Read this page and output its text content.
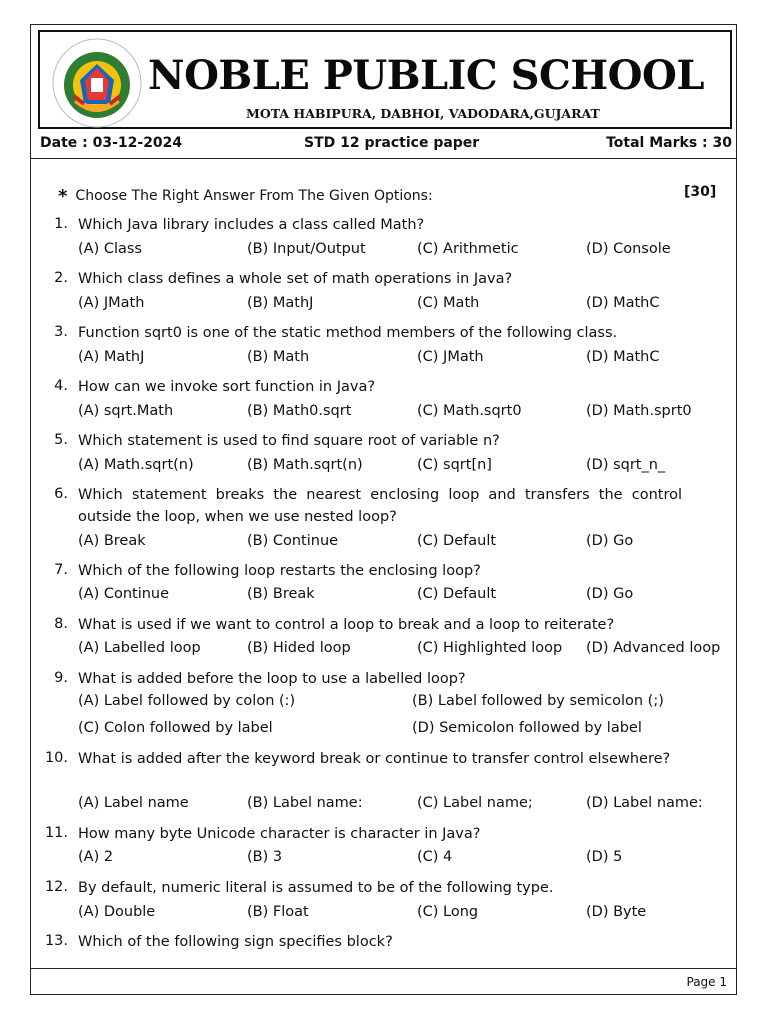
NOBLE PUBLIC SCHOOL
MOTA HABIPURA, DABHOI, VADODARA,GUJARAT
Date : 03-12-2024	STD 12 practice paper	Total Marks : 30
* Choose The Right Answer From The Given Options:	[30]
1. Which Java library includes a class called Math?
(A) Class	(B) Input/Output	(C) Arithmetic	(D) Console
2. Which class defines a whole set of math operations in Java?
(A) JMath	(B) MathJ	(C) Math	(D) MathC
3. Function sqrt0 is one of the static method members of the following class.
(A) MathJ	(B) Math	(C) JMath	(D) MathC
4. How can we invoke sort function in Java?
(A) sqrt.Math	(B) Math0.sqrt	(C) Math.sqrt0	(D) Math.sprt0
5. Which statement is used to find square root of variable n?
(A) Math.sqrt(n)	(B) Math.sqrt(n)	(C) sqrt[n]	(D) sqrt_n_
6. Which statement breaks the nearest enclosing loop and transfers the control outside the loop, when we use nested loop?
(A) Break	(B) Continue	(C) Default	(D) Go
7. Which of the following loop restarts the enclosing loop?
(A) Continue	(B) Break	(C) Default	(D) Go
8. What is used if we want to control a loop to break and a loop to reiterate?
(A) Labelled loop	(B) Hided loop	(C) Highlighted loop (D) Advanced loop
9. What is added before the loop to use a labelled loop?
(A) Label followed by colon (:)	(B) Label followed by semicolon (;)
(C) Colon followed by label	(D) Semicolon followed by label
10. What is added after the keyword break or continue to transfer control elsewhere?
(A) Label name	(B) Label name:	(C) Label name;	(D) Label name:
11. How many byte Unicode character is character in Java?
(A) 2	(B) 3	(C) 4	(D) 5
12. By default, numeric literal is assumed to be of the following type.
(A) Double	(B) Float	(C) Long	(D) Byte
13. Which of the following sign specifies block?
Page 1
